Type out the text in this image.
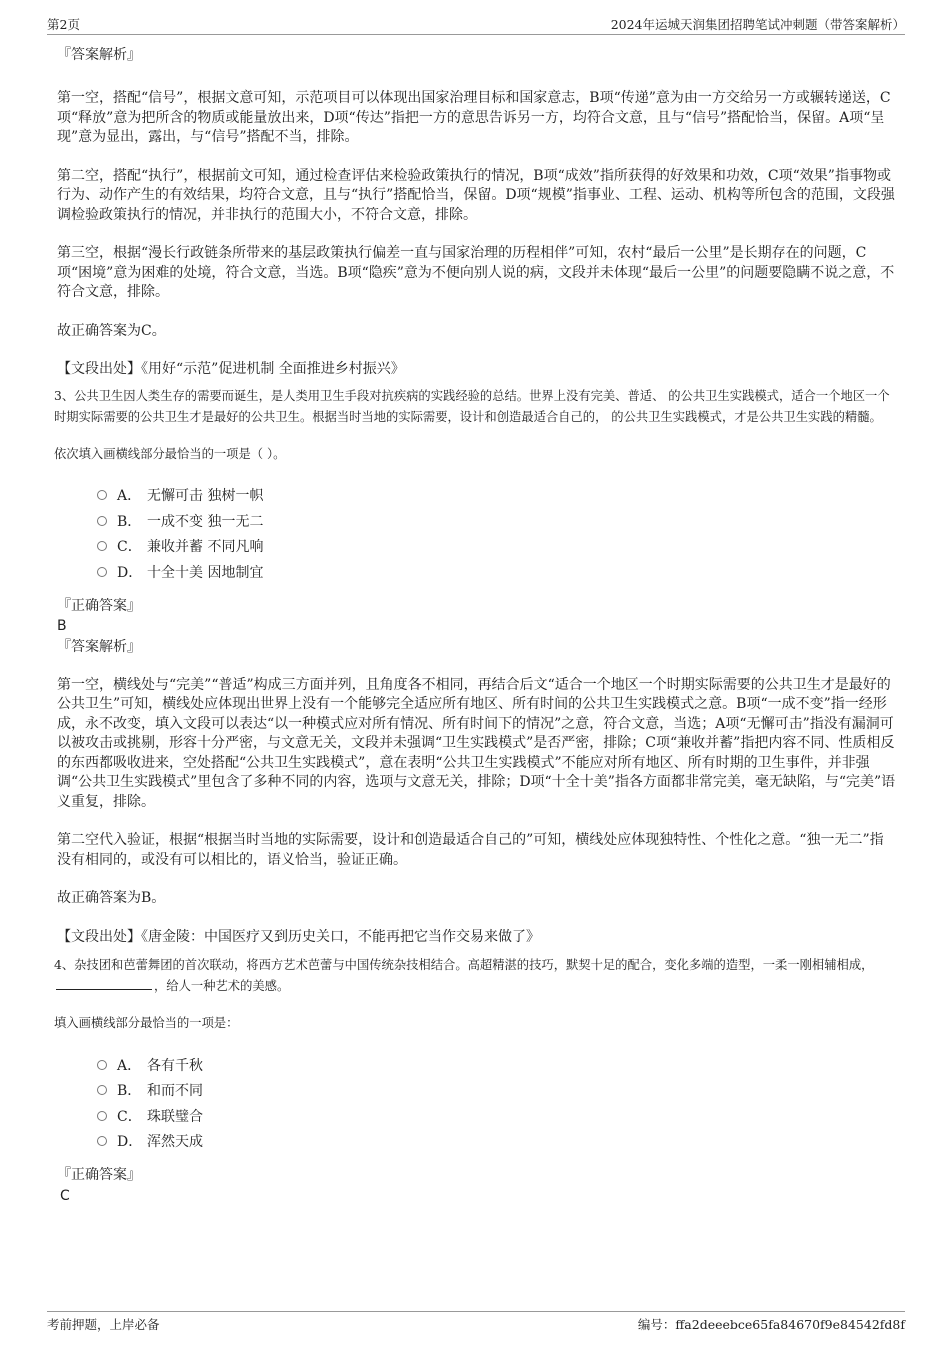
第2页	2024年运城天润集团招聘笔试冲刺题（带答案解析）
『答案解析』

第一空，搭配“信号”，根据文意可知，示范项目可以体现出国家治理目标和国家意志，B项“传递”意为由一方交给另一方或辗转递送，C项“释放”意为把所含的物质或能量放出来，D项“传达”指把一方的意思告诉另一方，均符合文意，且与“信号”搭配恰当，保留。A项“呈现”意为显出，露出，与“信号”搭配不当，排除。

第二空，搭配“执行”，根据前文可知，通过检查评估来检验政策执行的情况，B项“成效”指所获得的好效果和功效，C项“效果”指事物或行为、动作产生的有效结果，均符合文意，且与“执行”搭配恰当，保留。D项“规模”指事业、工程、运动、机构等所包含的范围，文段强调检验政策执行的情况，并非执行的范围大小，不符合文意，排除。

第三空，根据“漫长行政链条所带来的基层政策执行偏差一直与国家治理的历程相伴”可知，农村“最后一公里”是长期存在的问题，C项“困境”意为困难的处境，符合文意，当选。B项“隐疾”意为不便向别人说的病，文段并未体现“最后一公里”的问题要隐瞒不说之意，不符合文意，排除。

故正确答案为C。

【文段出处】《用好“示范”促进机制 全面推进乡村振兴》

3、公共卫生因人类生存的需要而诞生，是人类用卫生手段对抗疾病的实践经验的总结。世界上没有完美、普适、 的公共卫生实践模式，适合一个地区一个时期实际需要的公共卫生才是最好的公共卫生。根据当时当地的实际需要，设计和创造最适合自己的， 的公共卫生实践模式，才是公共卫生实践的精髓。

依次填入画横线部分最恰当的一项是（ ）。

A． 无懈可击 独树一帜
B． 一成不变 独一无二
C． 兼收并蓄 不同凡响
D． 十全十美 因地制宜
『正确答案』
B
『答案解析』

第一空，横线处与“完美”“普适”构成三方面并列，且角度各不相同，再结合后文“适合一个地区一个时期实际需要的公共卫生才是最好的公共卫生”可知，横线处应体现出世界上没有一个能够完全适应所有地区、所有时间的公共卫生实践模式之意。B项“一成不变”指一经形成，永不改变，填入文段可以表达“以一种模式应对所有情况、所有时间下的情况”之意，符合文意，当选；A项“无懈可击”指没有漏洞可以被攻击或挑剔，形容十分严密，与文意无关，文段并未强调“卫生实践模式”是否严密，排除；C项“兼收并蓄”指把内容不同、性质相反的东西都吸收进来，空处搭配“公共卫生实践模式”，意在表明“公共卫生实践模式”不能应对所有地区、所有时期的卫生事件，并非强调“公共卫生实践模式”里包含了多种不同的内容，选项与文意无关，排除；D项“十全十美”指各方面都非常完美，毫无缺陷，与“完美”语义重复，排除。

第二空代入验证，根据“根据当时当地的实际需要，设计和创造最适合自己的”可知，横线处应体现独特性、个性化之意。“独一无二”指没有相同的，或没有可以相比的，语义恰当，验证正确。

故正确答案为B。

【文段出处】《唐金陵：中国医疗又到历史关口，不能再把它当作交易来做了》

4、杂技团和芭蕾舞团的首次联动，将西方艺术芭蕾与中国传统杂技相结合。高超精湛的技巧，默契十足的配合，变化多端的造型，一柔一刚相辅相成，，给人一种艺术的美感。

填入画横线部分最恰当的一项是：

A． 各有千秋
B． 和而不同
C． 珠联璧合
D． 浑然天成
『正确答案』
C
考前押题，上岸必备	编号：ffa2deeebce65fa84670f9e84542fd8f
